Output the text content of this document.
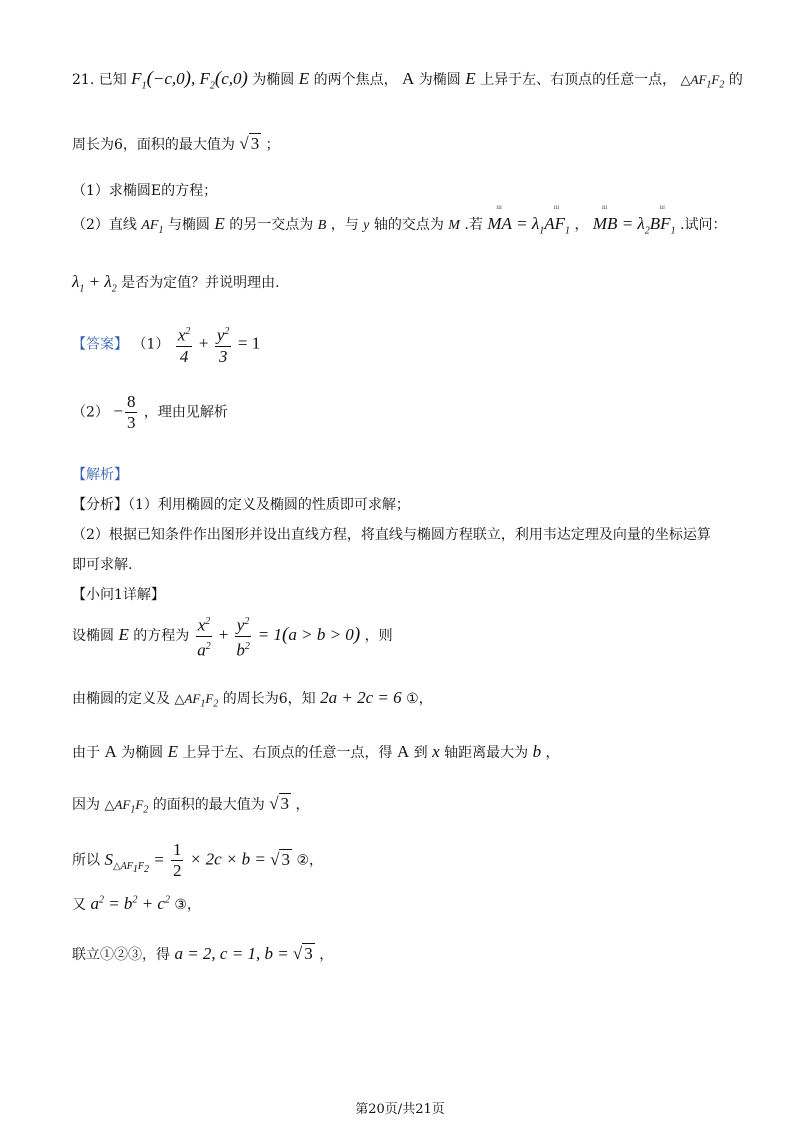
21. 已知 $F_1(-c,0)$, $F_2(c,0)$ 为椭圆 E 的两个焦点， A 为椭圆 E 上异于左、右顶点的任意一点， $\triangle AF_1F_2$ 的
周长为6，面积的最大值为 √ 3 ；
（1）求椭圆E的方程；
（2）直线 $AF_1$ 与椭圆 E 的另一交点为 B ，与 y 轴的交点为 M .若 ш MA = $\lambda_1ш$ $AF_1$ ， ш MB = $\lambda_2ш$ $BF_1$ .试问：
$\lambda_1 + \lambda_2$ 是否为定值？并说明理由.
【答案】 $(1) \frac{x^2}{4} + \frac{y^2}{3} = 1$
$(2) - \frac{8}{3}$ ，理由见解析
【解析】
【分析】（1）利用椭圆的定义及椭圆的性质即可求解；
（2）根据已知条件作出图形并设出直线方程，将直线与椭圆方程联立，利用韦达定理及向量的坐标运算
即可求解.
【小问1详解】
设椭圆 E 的方程为 $\frac{x^2}{a^2} + \frac{y^2}{b^2} = 1(a > b > 0)$ ，则
由椭圆的定义及 $\triangle AF_1F_2$ 的周长为6，知 2a + 2c = 6 ①，
由于 A 为椭圆 E 上异于左、右顶点的任意一点，得 A 到 x 轴距离最大为 b ，
因为 $\triangle AF_1F_2$ 的面积的最大值为 √ 3 ，
所以 $S_{\triangle AF_1F_2} = \frac{1}{2} \times 2c \times b$ = √ 3 ②，
又 $a^2 = b^2 + c^2$ ③，
联立①②③，得 a = 2, c = 1, b = √ 3 ，
第20页/共21页
